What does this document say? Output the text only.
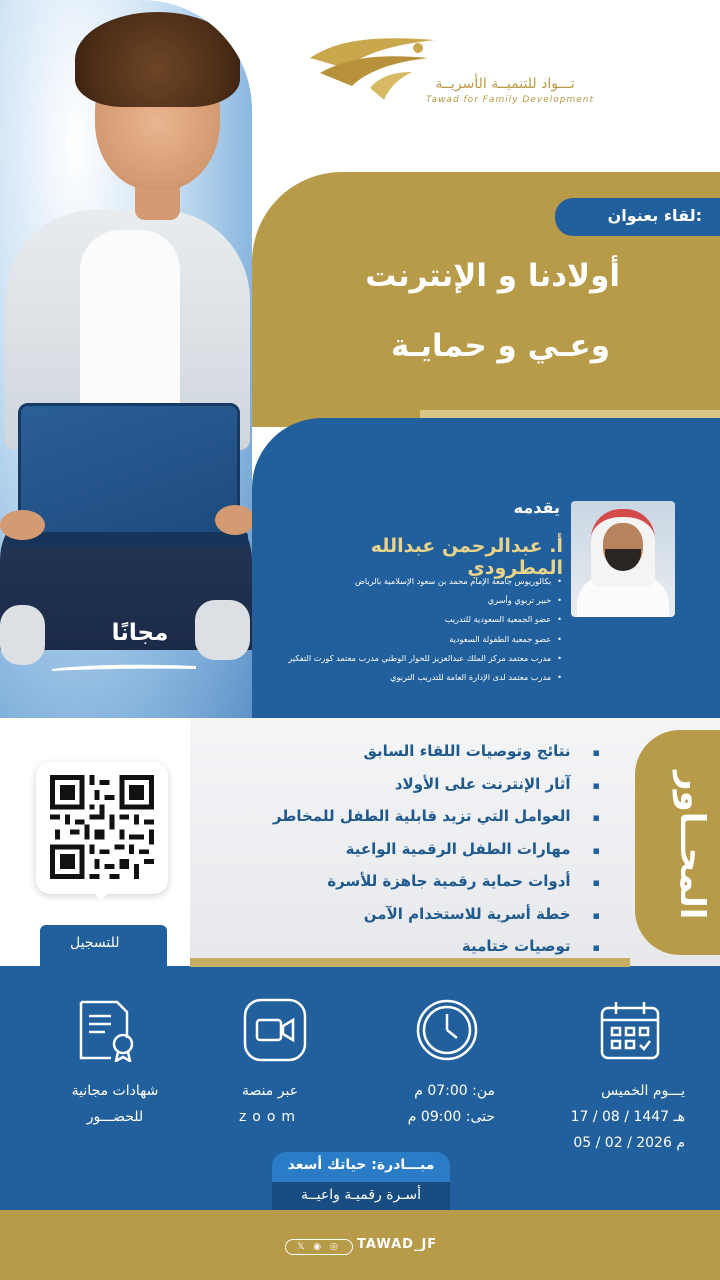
مجانًا
تـــواد للتنميــة الأسريــة
Tawad for Family Development
لقاء بعنوان:
أولادنا و الإنترنت
وعـي و حمايـة
يقدمه
أ. عبدالرحمن عبدالله المطرودي
• بكالوريوس جامعة الإمام محمد بن سعود الإسلامية بالرياض
• خبير تربوي وأسري
• عضو الجمعية السعودية للتدريب
• عضو جمعية الطفولة السعودية
• مدرب معتمد مركز الملك عبدالعزيز للحوار الوطني مدرب معتمد كورت التفكير
• مدرب معتمد لدى الإدارة العامة للتدريب التربوي
المحــاور
▪ نتائج وتوصيات اللقاء السابق
▪ آثار الإنترنت على الأولاد
▪ العوامل التي تزيد قابلية الطفل للمخاطر
▪ مهارات الطفل الرقمية الواعية
▪ أدوات حماية رقمية جاهزة للأسرة
▪ خطة أسرية للاستخدام الآمن
▪ توصيات ختامية
للتسجيل
يـــوم الخميس
17 / 08 / 1447 هـ
05 / 02 / 2026 م
من: 07:00 م
حتى: 09:00 م
عبر منصة
zoom
شهادات مجانية
للحضـــور
مبـــادرة: حياتك أسعد
أسـرة رقميـة واعيــة
𝕏 ◉ ◎	TAWAD_JF
